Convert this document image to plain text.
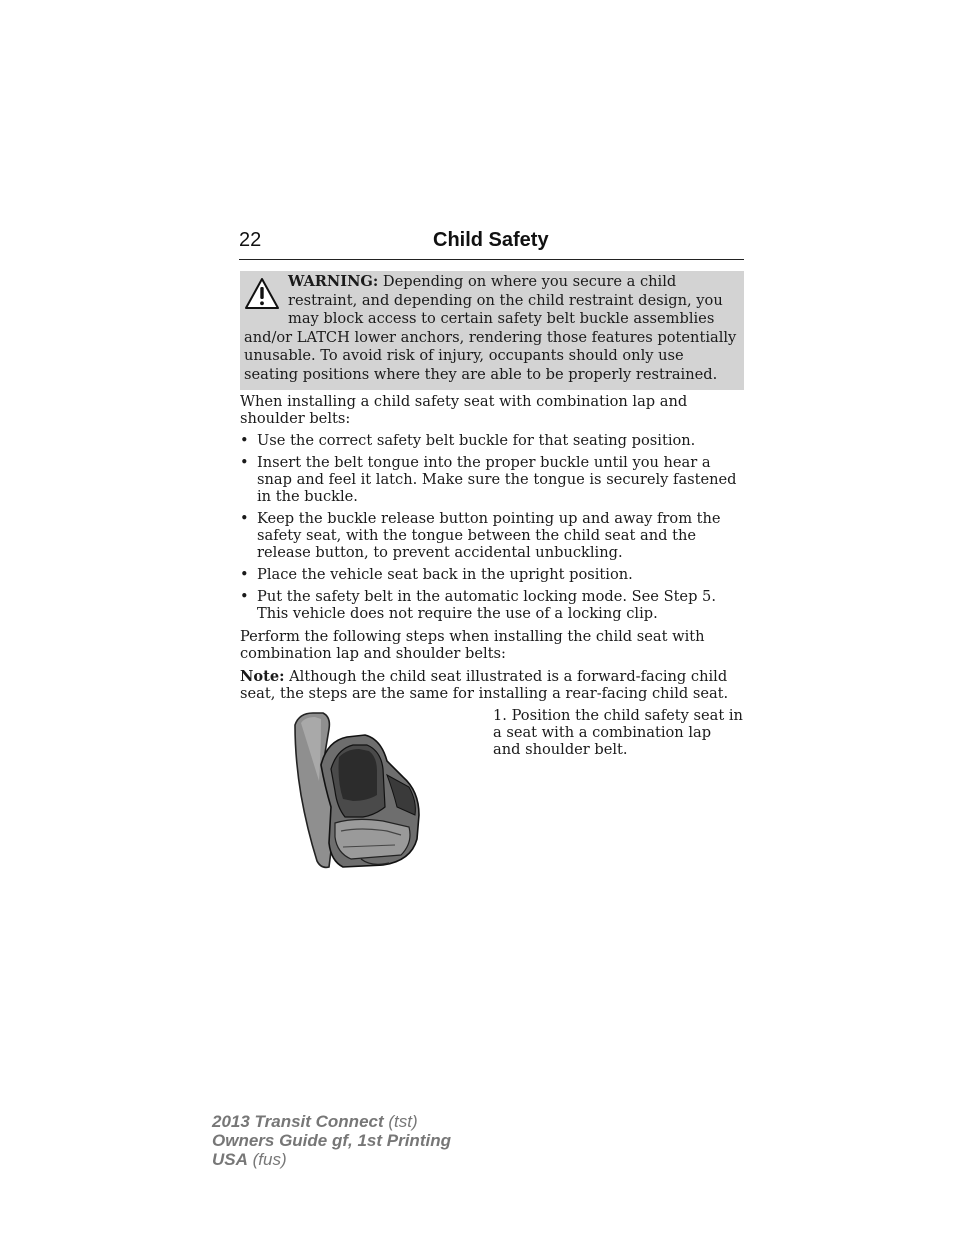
22	Child Safety
WARNING: Depending on where you secure a child restraint, and depending on the child restraint design, you may block access to certain safety belt buckle assemblies and/or LATCH lower anchors, rendering those features potentially unusable. To avoid risk of injury, occupants should only use seating positions where they are able to be properly restrained.
When installing a child safety seat with combination lap and shoulder belts:
• Use the correct safety belt buckle for that seating position.
• Insert the belt tongue into the proper buckle until you hear a snap and feel it latch. Make sure the tongue is securely fastened in the buckle.
• Keep the buckle release button pointing up and away from the safety seat, with the tongue between the child seat and the release button, to prevent accidental unbuckling.
• Place the vehicle seat back in the upright position.
• Put the safety belt in the automatic locking mode. See Step 5. This vehicle does not require the use of a locking clip.
Perform the following steps when installing the child seat with combination lap and shoulder belts:
Note: Although the child seat illustrated is a forward-facing child seat, the steps are the same for installing a rear-facing child seat.
1. Position the child safety seat in a seat with a combination lap and shoulder belt.
2013 Transit Connect (tst)
Owners Guide gf, 1st Printing
USA (fus)
